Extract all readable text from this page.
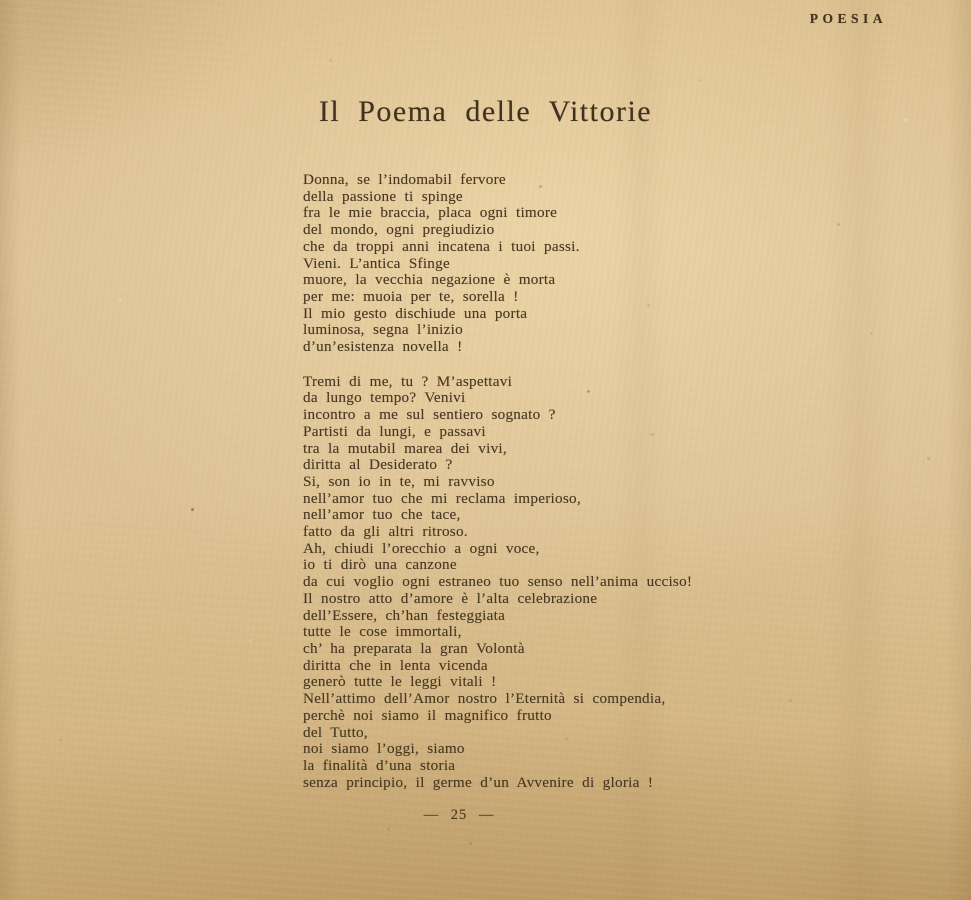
POESIA
Il Poema delle Vittorie
Donna, se l’indomabil fervore
della passione ti spinge
fra le mie braccia, placa ogni timore
del mondo, ogni pregiudizio
che da troppi anni incatena i tuoi passi.
Vieni. L’antica Sfinge
muore, la vecchia negazione è morta
per me: muoia per te, sorella !
Il mio gesto dischiude una porta
luminosa, segna l’inizio
d’un’esistenza novella !
Tremi di me, tu ? M’aspettavi
da lungo tempo? Venivi
incontro a me sul sentiero sognato ?
Partisti da lungi, e passavi
tra la mutabil marea dei vivi,
diritta al Desiderato ?
Si, son io in te, mi ravviso
nell’amor tuo che mi reclama imperioso,
nell’amor tuo che tace,
fatto da gli altri ritroso.
Ah, chiudi l’orecchio a ogni voce,
io ti dirò una canzone
da cui voglio ogni estraneo tuo senso nell’anima ucciso!
Il nostro atto d’amore è l’alta celebrazione
dell’Essere, ch’han festeggiata
tutte le cose immortali,
ch’ ha preparata la gran Volontà
diritta che in lenta vicenda
generò tutte le leggi vitali !
Nell’attimo dell’Amor nostro l’Eternità si compendia,
perchè noi siamo il magnifico frutto
del Tutto,
noi siamo l’oggi, siamo
la finalità d’una storia
senza principio, il germe d’un Avvenire di gloria !
— 25 —
